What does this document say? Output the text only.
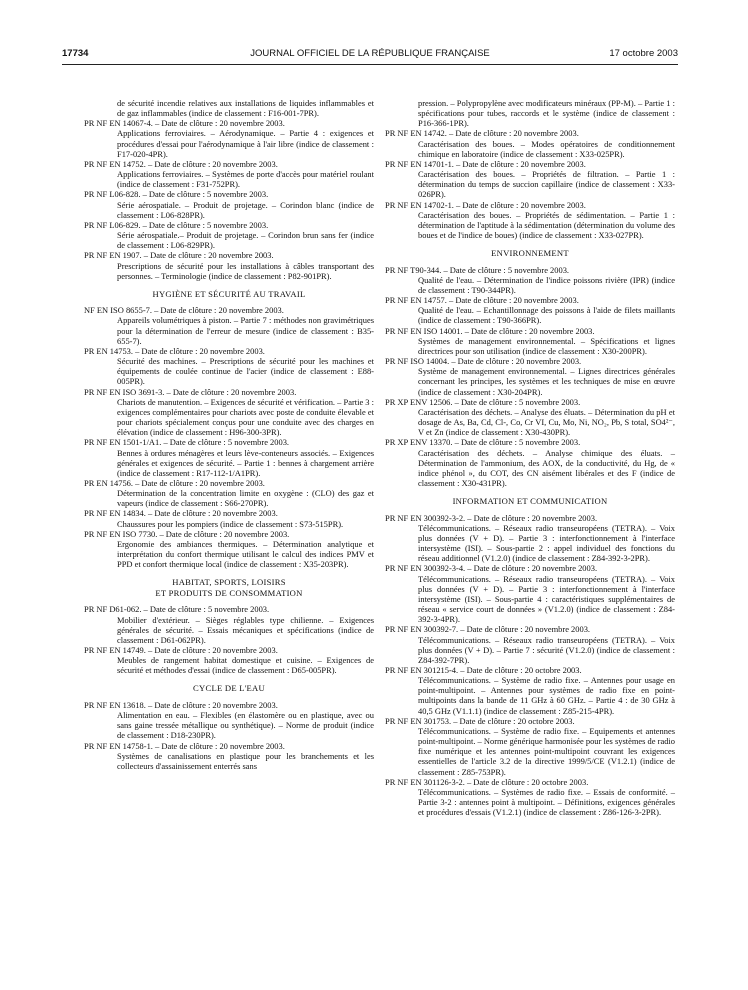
17734	JOURNAL OFFICIEL DE LA RÉPUBLIQUE FRANÇAISE	17 octobre 2003
de sécurité incendie relatives aux installations de liquides inflammables et de gaz inflammables (indice de classement : F16-001-7PR).
PR NF EN 14067-4. – Date de clôture : 20 novembre 2003.
Applications ferroviaires. – Aérodynamique. – Partie 4 : exigences et procédures d'essai pour l'aérodynamique à l'air libre (indice de classement : F17-020-4PR).
PR NF EN 14752. – Date de clôture : 20 novembre 2003.
Applications ferroviaires. – Systèmes de porte d'accès pour matériel roulant (indice de classement : F31-752PR).
PR NF L06-828. – Date de clôture : 5 novembre 2003.
Série aérospatiale. – Produit de projetage. – Corindon blanc (indice de classement : L06-828PR).
PR NF L06-829. – Date de clôture : 5 novembre 2003.
Série aérospatiale.– Produit de projetage. – Corindon brun sans fer (indice de classement : L06-829PR).
PR NF EN 1907. – Date de clôture : 20 novembre 2003.
Prescriptions de sécurité pour les installations à câbles transportant des personnes. – Terminologie (indice de classement : P82-901PR).
HYGIÈNE ET SÉCURITÉ AU TRAVAIL
NF EN ISO 8655-7. – Date de clôture : 20 novembre 2003.
Appareils volumétriques à piston. – Partie 7 : méthodes non gravimétriques pour la détermination de l'erreur de mesure (indice de classement : B35-655-7).
PR EN 14753. – Date de clôture : 20 novembre 2003.
Sécurité des machines. – Prescriptions de sécurité pour les machines et équipements de coulée continue de l'acier (indice de classement : E88-005PR).
PR NF EN ISO 3691-3. – Date de clôture : 20 novembre 2003.
Chariots de manutention. – Exigences de sécurité et vérification. – Partie 3 : exigences complémentaires pour chariots avec poste de conduite élevable et pour chariots spécialement conçus pour une conduite avec des charges en élévation (indice de classement : H96-300-3PR).
PR NF EN 1501-1/A1. – Date de clôture : 5 novembre 2003.
Bennes à ordures ménagères et leurs lève-conteneurs associés. – Exigences générales et exigences de sécurité. – Partie 1 : bennes à chargement arrière (indice de classement : R17-112-1/A1PR).
PR EN 14756. – Date de clôture : 20 novembre 2003.
Détermination de la concentration limite en oxygène : (CLO) des gaz et vapeurs (indice de classement : S66-270PR).
PR NF EN 14834. – Date de clôture : 20 novembre 2003.
Chaussures pour les pompiers (indice de classement : S73-515PR).
PR NF EN ISO 7730. – Date de clôture : 20 novembre 2003.
Ergonomie des ambiances thermiques. – Détermination analytique et interprétation du confort thermique utilisant le calcul des indices PMV et PPD et confort thermique local (indice de classement : X35-203PR).
HABITAT, SPORTS, LOISIRS
ET PRODUITS DE CONSOMMATION
PR NF D61-062. – Date de clôture : 5 novembre 2003.
Mobilier d'extérieur. – Sièges réglables type chilienne. – Exigences générales de sécurité. – Essais mécaniques et spécifications (indice de classement : D61-062PR).
PR NF EN 14749. – Date de clôture : 20 novembre 2003.
Meubles de rangement habitat domestique et cuisine. – Exigences de sécurité et méthodes d'essai (indice de classement : D65-005PR).
CYCLE DE L'EAU
PR NF EN 13618. – Date de clôture : 20 novembre 2003.
Alimentation en eau. – Flexibles (en élastomère ou en plastique, avec ou sans gaine tressée métallique ou synthétique). – Norme de produit (indice de classement : D18-230PR).
PR NF EN 14758-1. – Date de clôture : 20 novembre 2003.
Systèmes de canalisations en plastique pour les branchements et les collecteurs d'assainissement enterrés sans
pression. – Polypropylène avec modificateurs minéraux (PP-M). – Partie 1 : spécifications pour tubes, raccords et le système (indice de classement : P16-366-1PR).
PR NF EN 14742. – Date de clôture : 20 novembre 2003.
Caractérisation des boues. – Modes opératoires de conditionnement chimique en laboratoire (indice de classement : X33-025PR).
PR NF EN 14701-1. – Date de clôture : 20 novembre 2003.
Caractérisation des boues. – Propriétés de filtration. – Partie 1 : détermination du temps de succion capillaire (indice de classement : X33-026PR).
PR NF EN 14702-1. – Date de clôture : 20 novembre 2003.
Caractérisation des boues. – Propriétés de sédimentation. – Partie 1 : détermination de l'aptitude à la sédimentation (détermination du volume des boues et de l'indice de boues) (indice de classement : X33-027PR).
ENVIRONNEMENT
PR NF T90-344. – Date de clôture : 5 novembre 2003.
Qualité de l'eau. – Détermination de l'indice poissons rivière (IPR) (indice de classement : T90-344PR).
PR NF EN 14757. – Date de clôture : 20 novembre 2003.
Qualité de l'eau. – Echantillonnage des poissons à l'aide de filets maillants (indice de classement : T90-366PR).
PR NF EN ISO 14001. – Date de clôture : 20 novembre 2003.
Systèmes de management environnemental. – Spécifications et lignes directrices pour son utilisation (indice de classement : X30-200PR).
PR NF ISO 14004. – Date de clôture : 20 novembre 2003.
Système de management environnemental. – Lignes directrices générales concernant les principes, les systèmes et les techniques de mise en œuvre (indice de classement : X30-204PR).
PR XP ENV 12506. – Date de clôture : 5 novembre 2003.
Caractérisation des déchets. – Analyse des éluats. – Détermination du pH et dosage de As, Ba, Cd, Cl-, Co, Cr VI, Cu, Mo, Ni, NO₂, Pb, S total, SO4²⁻, V et Zn (indice de classement : X30-430PR).
PR XP ENV 13370. – Date de clôture : 5 novembre 2003.
Caractérisation des déchets. – Analyse chimique des éluats. – Détermination de l'ammonium, des AOX, de la conductivité, du Hg, de « indice phénol », du COT, des CN aisément libérales et des F (indice de classement : X30-431PR).
INFORMATION ET COMMUNICATION
PR NF EN 300392-3-2. – Date de clôture : 20 novembre 2003.
Télécommunications. – Réseaux radio transeuropéens (TETRA). – Voix plus données (V + D). – Partie 3 : interfonctionnement à l'interface intersystème (ISI). – Sous-partie 2 : appel individuel des fonctions du réseau additionnel (V1.2.0) (indice de classement : Z84-392-3-2PR).
PR NF EN 300392-3-4. – Date de clôture : 20 novembre 2003.
Télécommunications. – Réseaux radio transeuropéens (TETRA). – Voix plus données (V + D). – Partie 3 : interfonctionnement à l'interface intersystème (ISI). – Sous-partie 4 : caractéristiques supplémentaires de réseau « service court de données » (V1.2.0) (indice de classement : Z84-392-3-4PR).
PR NF EN 300392-7. – Date de clôture : 20 novembre 2003.
Télécommunications. – Réseaux radio transeuropéens (TETRA). – Voix plus données (V + D). – Partie 7 : sécurité (V1.2.0) (indice de classement : Z84-392-7PR).
PR NF EN 301215-4. – Date de clôture : 20 octobre 2003.
Télécommunications. – Système de radio fixe. – Antennes pour usage en point-multipoint. – Antennes pour systèmes de radio fixe en point-multipoints dans la bande de 11 GHz à 60 GHz. – Partie 4 : de 30 GHz à 40,5 GHz (V1.1.1) (indice de classement : Z85-215-4PR).
PR NF EN 301753. – Date de clôture : 20 octobre 2003.
Télécommunications. – Système de radio fixe. – Equipements et antennes point-multipoint. – Norme générique harmonisée pour les systèmes de radio fixe numérique et les antennes point-multipoint couvrant les exigences essentielles de l'article 3.2 de la directive 1999/5/CE (V1.2.1) (indice de classement : Z85-753PR).
PR NF EN 301126-3-2. – Date de clôture : 20 octobre 2003.
Télécommunications. – Systèmes de radio fixe. – Essais de conformité. – Partie 3-2 : antennes point à multipoint. – Définitions, exigences générales et procédures d'essais (V1.2.1) (indice de classement : Z86-126-3-2PR).
